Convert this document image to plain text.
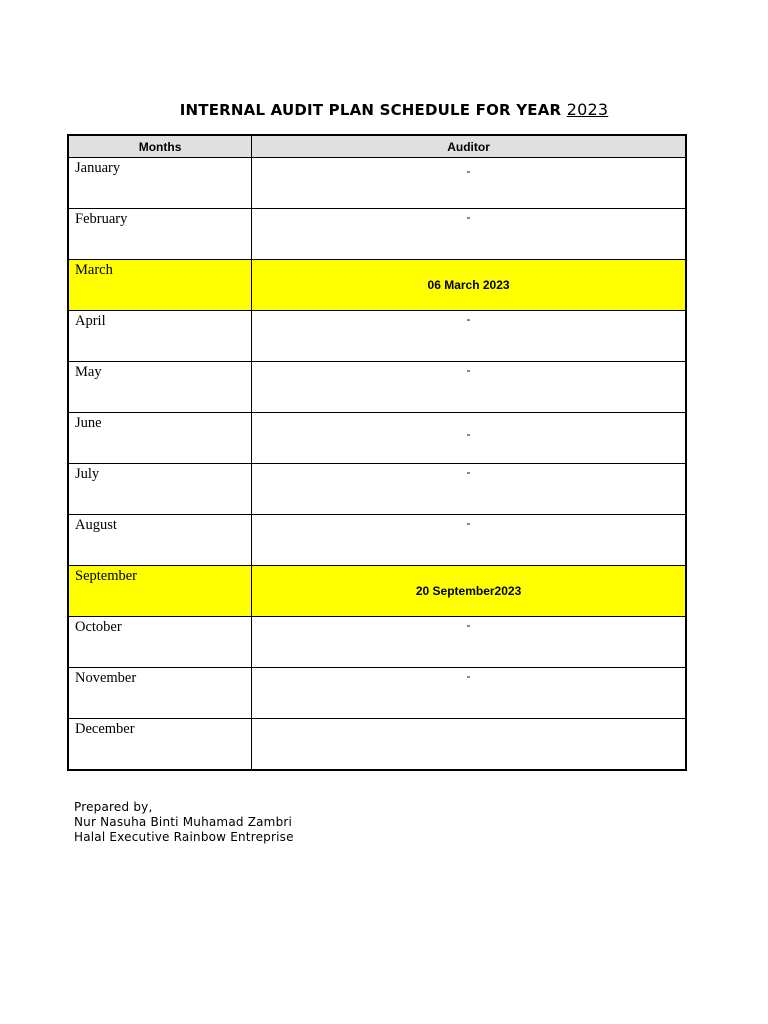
INTERNAL AUDIT PLAN SCHEDULE FOR YEAR 2023
Months	Auditor
January	-
February	-
March	06 March 2023
April	-
May	-
June	-
July	-
August	-
September	20 September2023
October	-
November	-
December	
Prepared by,
Nur Nasuha Binti Muhamad Zambri
Halal Executive Rainbow Entreprise
